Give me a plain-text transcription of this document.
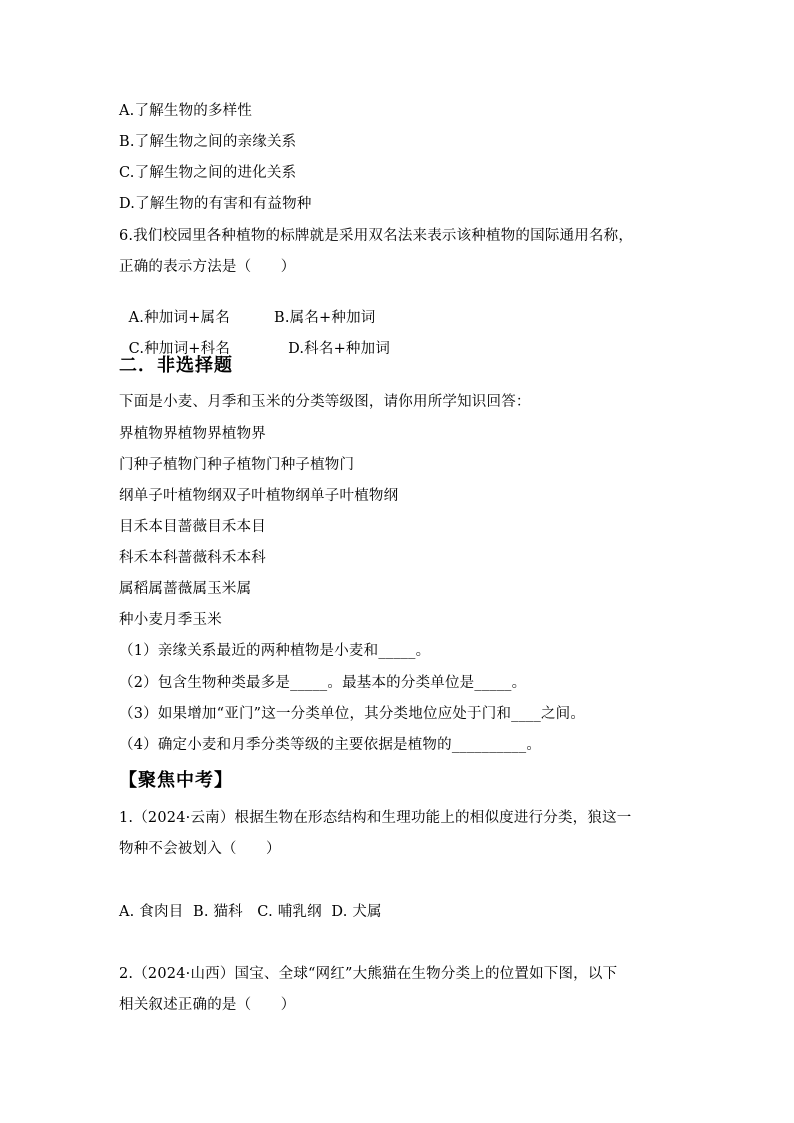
A.了解生物的多样性
B.了解生物之间的亲缘关系
C.了解生物之间的进化关系
D.了解生物的有害和有益物种
6.我们校园里各种植物的标牌就是采用双名法来表示该种植物的国际通用名称，
正确的表示方法是（　　）

A.种加词+属名	B.属名+种加词

C.种加词+科名	D.科名+种加词

二．非选择题
下面是小麦、月季和玉米的分类等级图，请你用所学知识回答：
界植物界植物界植物界
门种子植物门种子植物门种子植物门
纲单子叶植物纲双子叶植物纲单子叶植物纲
目禾本目蔷薇目禾本目
科禾本科蔷薇科禾本科
属稻属蔷薇属玉米属
种小麦月季玉米
（1）亲缘关系最近的两种植物是小麦和_____。
（2）包含生物种类最多是_____。最基本的分类单位是_____。
（3）如果增加“亚门”这一分类单位，其分类地位应处于门和____之间。
（4）确定小麦和月季分类等级的主要依据是植物的__________。
【聚焦中考】
1.（2024·云南）根据生物在形态结构和生理功能上的相似度进行分类，狼这一
物种不会被划入（　　）
A. 食肉目  B. 猫科   C. 哺乳纲  D. 犬属
2.（2024·山西）国宝、全球“网红”大熊猫在生物分类上的位置如下图，以下
相关叙述正确的是（　　）
